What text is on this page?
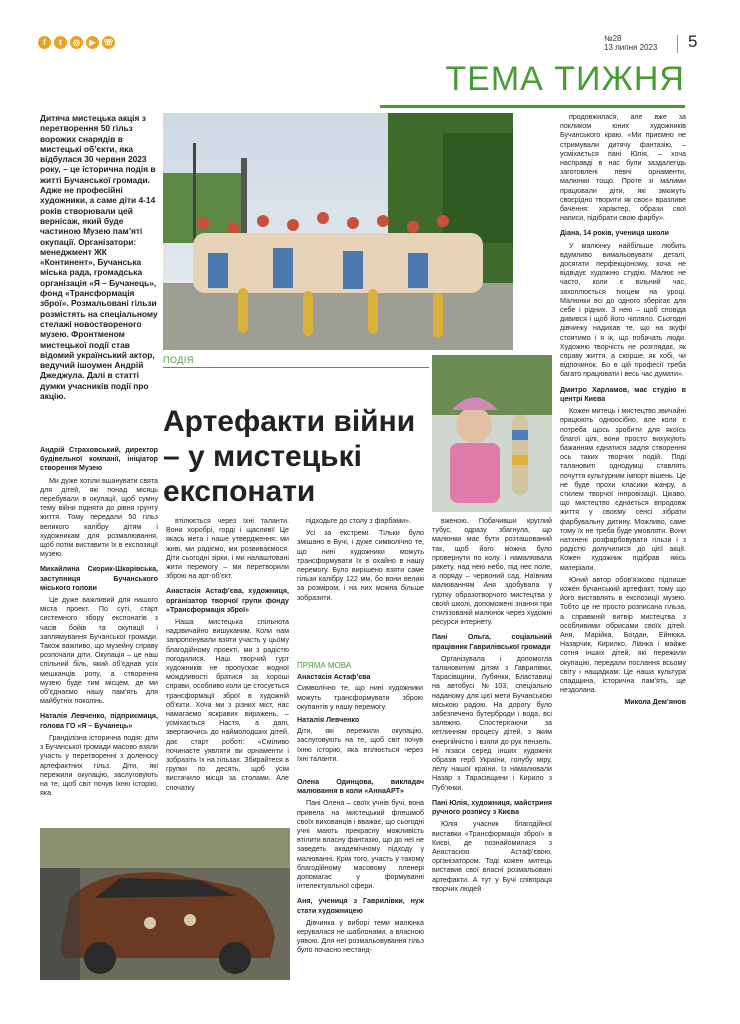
f	t	◎	▶ ☏	№28
13 липня 2023 5
ТЕМА ТИЖНЯ
Дитяча мистецька акція з перетворення 50 гільз ворожих снарядів в мистецькі об’єкти, яка відбулася 30 червня 2023 року, – це історична подія в житті Бучанської громади. Адже не професійні художники, а саме діти 4-14 років створювали цей вернісаж, який буде частиною Музею пам’яті окупації. Організатори: менеджмент ЖК «Континент», Бучанська міська рада, громадська організація «Я – Бучанець», фонд «Трансформація зброї». Розмальовані гільзи розмістять на спеціальному стелажі новоствореного музею. Фронтменом мистецької події став відомий український актор, ведучий ішоумен Андрій Джеджула. Далі в статті думки учасників події про акцію.
ПОДІЯ
Артефакти війни – у мистецькі експонати
ПРЯМА МОВА
Анастасія Астаф’єва

Символічно те, що нині художники можуть трансформувати зброю окупантів у нашу перемогу.

Наталія Левченко

Діти, які пережили окупацію, заслуговують на те, щоб світ почув їхню історію, яка втілюється через їхні таланти.

Андрій Страховський, директор будівельної компанії, ініціатор створення Музею

Ми дуже хотіли вшанувати свята для дітей, які понад місяць перебували в окупації, щоб сумну тему війни підняти до рівня грунту життя. Тому передали 50 гільз великого калібру дітям і художникам для розмалювання, щоб потім виставити їх в експозиції музею.

Михайлина Скорик-Шкарівська, заступниця Бучанського міського голови

Це дуже важливий для нашого міста проект. По суті, старт системного збору експонатів з часів бойів та окупації і заплямування Бучанської громади. Також важливо, що музейну справу розпочали діти. Окупація – це наш спільний біль, який об’єднав усіх мешканців ропу, а створення музею буде тим місцем, де ми об’єднаємо нашу пам’ять для майбутніх поколінь.

Наталія Левченко, підприємиця, голова ГО «Я – Бучанець»

Гранділізна історична подія: діти з Бучанської громади масово взяли участь у перетворенні з доленосу артефактних гільз. Діти, які пережили окупацію, заслуговують на те, щоб світ почув їхню історію, яка

втілюється через їхні таланти. Вони хоробрі, горді і щасливі! Це якась мета і наше утвердження: ми живі, ми радіємо, ми розвиваємося. Діти сьогодні зірки, і ми налаштовані жити перемогу – ми перетворили зброю на арт-об’єкт.

Анастасія Астаф’єва, художниця, організатор творчої групи фонду «Трансформація зброї»

Наша мистецька спільнота надзвичайно вишуканим. Коли нам запропонували взяти участь у цьому благодійному проекті, ми з радістю погодилися. Наш творчий гурт художників не пропускає жодної мождливості братися за хороші справи, особливо коли це стосується трансформації зброї в художній об’єкти. Хоча ми з різних міст, нас намагаємо яскравих виражень, – усміхається Настя, а далі, звертаючись до наймолодших дітей, дає старт роботі: «Сміливо починаєте уявляти ви орнаменти і зобразіть їх на гільзах. Збирайтеся в групки по десять, щоб усім вистачило місця за столами. Але спочатку

підходьте до столу з фарбами».

Усі за екстремі. Тільки було змішано в Бучі, і дуже символічно те, що нині художники можуть трансформувати їх в охайно в нашу перемогу. Було вирішено взяти саме гільзи калібру 122 мм, бо вони великі за розміром, і на них можна більше зобразити.

Олена Одинцова, викладач малювання в коли «АннаАРТ»

Пані Олена – своїх учнів бучі, вона привела на мистецький флешмоб своїх вихованців і вважає, що сьогодні учні мають прекрасну можливість втілити власну фантазію, що до неї не заведеть академічному підходу у малюванні. Крім того, участь у такому благодійному масовому пленері допомагає у формуванні інтелектуальної сфери.

Аня, учениця з Гаврилівки, нуж стати художницею

Дівчинка у виборі теми малюнка керувалася не шаблонами, а власною уявою. Для неї розмальовування гільз було почасно нестанд-

вженою. Побачивши круглий тубус, одразу збагнула, що малюнки має бути розташований так, щоб його можна було провернути по колу. І намалювала ракету, над нею небо, під неє поле, а поряду – червоний сад. Наївним малюванням Аня здобувала у гуртку образотворчого мистецтва у своїй школі, допоможені знання при стилізованій малюнок через художні ресурси інтернету.

Пані Ольга, соціальний працівник Гаврилівської громади

Організувала і допомогла талановитим дітям з Гаврилівки, Тарасівщини, Лубянки, Бластавиці на автобусі №103, спеціально наданому для цієї мети Бучанською міською радою. На дорогу було забезпечено бутерброди і вода, всі залежно. Спостерігаючи за кетлинням процесу дітей, з яким енергійністю і взяли до рук пензель. Ні пізаси серед інших художніх образів герб України, голубу міру, лелу нашої країни. Із намалювали Назар з Тарасівщини і Кирило з Пуб’янки.

Пані Юлія, художниця, майстриня ручного розпису з Києва

Юлія учасник благодійної виставки «Трансформація зброї» в Києві, де познайомилася з Анастасією Астаф’євою, організатором. Тоді кожен митець виставив свої власні розмальовані артефакти. А тут у Бучі співпраця творчих людей

продовжилася, але вже за покликом юних художників Бучанського краю. «Ми приємно не стримували дитячу фантазію, – усміхається пані Юлія, – хоча насправді в нас були заздалегідь заготовлені певні орнаменти, малюнки тощо. Проте зі малими працювали діти, які зможуть своєрідно творити як своє» вразливе бачення: характер, образи свої написи, підібрати свою фарбу».

Діана, 14 років, учениця школи

У малюнку найбільше любить вдумливо вимальовувати деталі, досягати перфекціонізму, хоча не відвідує художню студію. Малює не часто, коли є вільний час, захоплюється тихцем на уроці. Малюнки всі до одного зберігає для себе і рідних. З нею – щоб сповіда дивився і щоб його чіпляло. Сьогодні дівчинку надихав те, що на зкуфі стоятимо і я ік, що побачать люди. Художню творчість не розглядає, як справу життя, а скорше, як хобі, чи відпочинок. Бо в цій професії треба багато працювати і весь час думати».

Дмитро Харламов, має студію в центрі Києва

Кожен митець і мистецтво звичайні працюють одноосібно, але коли є потреба щось зробити для якоїсь благої цілі, вони просто вихукують бажанням єднатися задля створення ось таких творчих подій. Поді талановиті однодумці ставлять почуття культурним імпорт вішень. Це не буде прохи класики жанру, а стилем творчої інпровізації. Цікаво, що мистецтво єднається впродовж життя у своєму сенсі зібрати фарбувальну дитину. Можливо, саме тому їх не треба буде умовляти. Вони натхнені розфарбовувати гільзи і з радістю долучилися до цієї акції. Кожен художник підібрав якісь матеріали.

Юний автор обов’язково підпише кожен бучанський артефакт, тому що його виставлять в експозиції музею. Тобто це не просто розписана гільза, а справжній витвір мистецтва з особливими обрисами своїх дітей. Аня, Марійка, Богдан, Ейнюка, Назарчик, Кирилко, Ліанка і майже сотня інших дітей, які пережили окупацію, передали послання всьому світу і нащадкам: Це наша культура спадщина, історична пам’ять, ще нездолана.

Микола Дем’янов
